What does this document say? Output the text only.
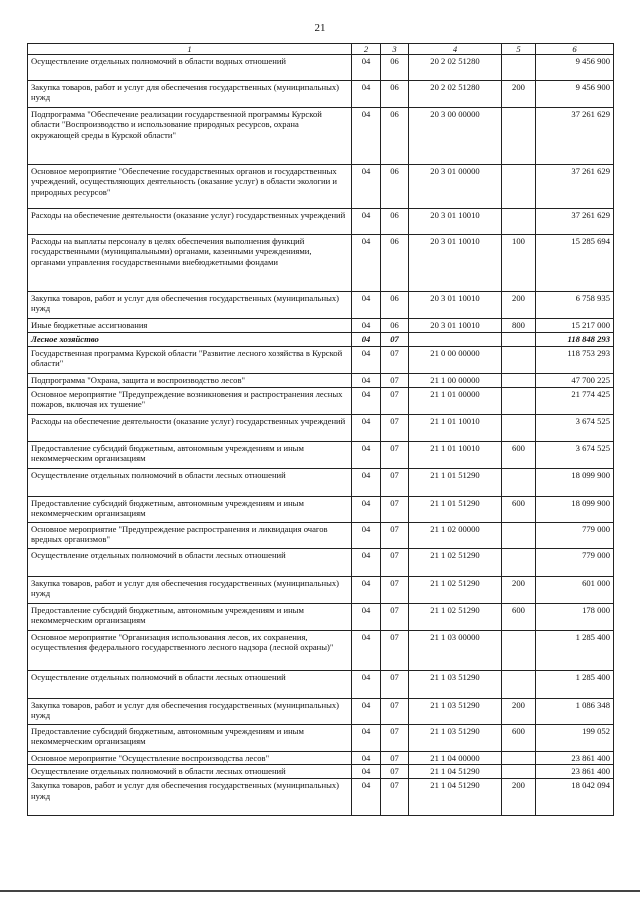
21
1	2	3	4	5	6
Осуществление отдельных полномочий в области водных отношений	04	06	20 2 02 51280		9 456 900
Закупка товаров, работ и услуг для обеспечения государственных (муниципальных) нужд	04	06	20 2 02 51280	200	9 456 900
Подпрограмма "Обеспечение реализации государственной программы Курской области "Воспроизводство и использование природных ресурсов, охрана окружающей среды в Курской области"	04	06	20 3 00 00000		37 261 629
Основное мероприятие "Обеспечение государственных органов и государственных учреждений, осуществляющих деятельность (оказание услуг) в области экологии и природных ресурсов"	04	06	20 3 01 00000		37 261 629
Расходы на обеспечение деятельности (оказание услуг) государственных учреждений	04	06	20 3 01 10010		37 261 629
Расходы на выплаты персоналу в целях обеспечения выполнения функций государственными (муниципальными) органами, казенными учреждениями, органами управления государственными внебюджетными фондами	04	06	20 3 01 10010	100	15 285 694
Закупка товаров, работ и услуг для обеспечения государственных (муниципальных) нужд	04	06	20 3 01 10010	200	6 758 935
Иные бюджетные ассигнования	04	06	20 3 01 10010	800	15 217 000
Лесное хозяйство	04	07			118 848 293
Государственная программа Курской области "Развитие лесного хозяйства в Курской области"	04	07	21 0 00 00000		118 753 293
Подпрограмма "Охрана, защита и воспроизводство лесов"	04	07	21 1 00 00000		47 700 225
Основное мероприятие "Предупреждение возникновения и распространения лесных пожаров, включая их тушение"	04	07	21 1 01 00000		21 774 425
Расходы на обеспечение деятельности (оказание услуг) государственных учреждений	04	07	21 1 01 10010		3 674 525
Предоставление субсидий бюджетным, автономным учреждениям и иным некоммерческим организациям	04	07	21 1 01 10010	600	3 674 525
Осуществление отдельных полномочий в области лесных отношений	04	07	21 1 01 51290		18 099 900
Предоставление субсидий бюджетным, автономным учреждениям и иным некоммерческим организациям	04	07	21 1 01 51290	600	18 099 900
Основное мероприятие "Предупреждение распространения и ликвидация очагов вредных организмов"	04	07	21 1 02 00000		779 000
Осуществление отдельных полномочий в области лесных отношений	04	07	21 1 02 51290		779 000
Закупка товаров, работ и услуг для обеспечения государственных (муниципальных) нужд	04	07	21 1 02 51290	200	601 000
Предоставление субсидий бюджетным, автономным учреждениям и иным некоммерческим организациям	04	07	21 1 02 51290	600	178 000
Основное мероприятие "Организация использования лесов, их сохранения, осуществления федерального государственного лесного надзора (лесной охраны)"	04	07	21 1 03 00000		1 285 400
Осуществление отдельных полномочий в области лесных отношений	04	07	21 1 03 51290		1 285 400
Закупка товаров, работ и услуг для обеспечения государственных (муниципальных) нужд	04	07	21 1 03 51290	200	1 086 348
Предоставление субсидий бюджетным, автономным учреждениям и иным некоммерческим организациям	04	07	21 1 03 51290	600	199 052
Основное мероприятие "Осуществление воспроизводства лесов"	04	07	21 1 04 00000		23 861 400
Осуществление отдельных полномочий в области лесных отношений	04	07	21 1 04 51290		23 861 400
Закупка товаров, работ и услуг для обеспечения государственных (муниципальных) нужд	04	07	21 1 04 51290	200	18 042 094
